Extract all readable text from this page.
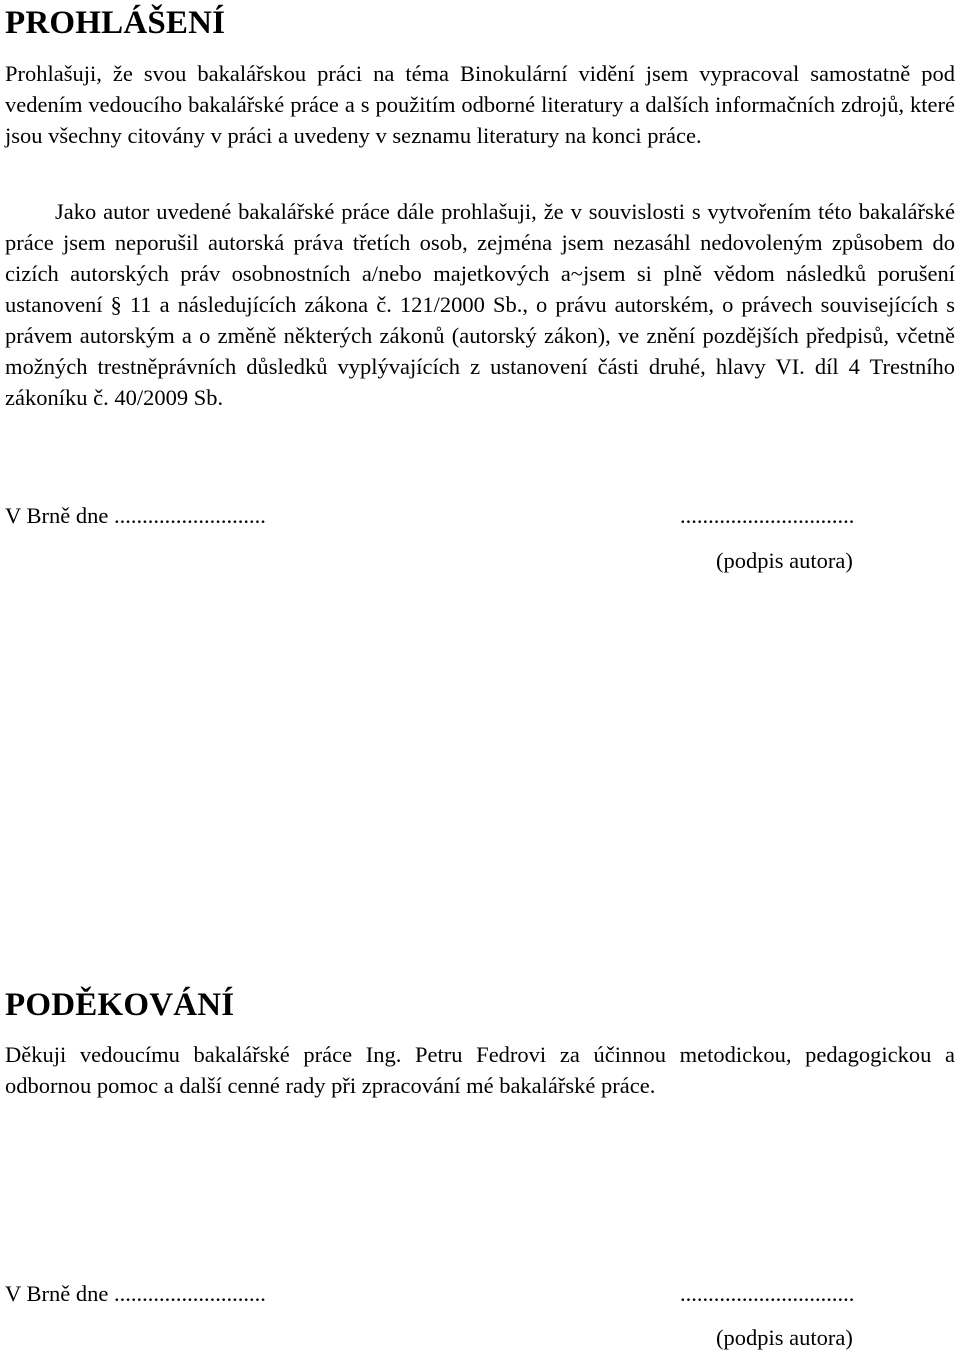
PROHLÁŠENÍ

Prohlašuji, že svou bakalářskou práci na téma Binokulární vidění jsem vypracoval samostatně pod vedením vedoucího bakalářské práce a s použitím odborné literatury a dalších informačních zdrojů, které jsou všechny citovány v práci a uvedeny v seznamu literatury na konci práce.

Jako autor uvedené bakalářské práce dále prohlašuji, že v souvislosti s vytvořením této bakalářské práce jsem neporušil autorská práva třetích osob, zejména jsem nezasáhl nedovoleným způsobem do cizích autorských práv osobnostních a/nebo majetkových a~jsem si plně vědom následků porušení ustanovení § 11 a následujících zákona č. 121/2000 Sb., o právu autorském, o právech souvisejících s právem autorským a o změně některých zákonů (autorský zákon), ve znění pozdějších předpisů, včetně možných trestněprávních důsledků vyplývajících z ustanovení části druhé, hlavy VI. díl 4 Trestního zákoníku č. 40/2009 Sb.

V Brně dne ...........................	...............................
(podpis autora)
PODĚKOVÁNÍ

Děkuji vedoucímu bakalářské práce Ing. Petru Fedrovi za účinnou metodickou, pedagogickou a odbornou pomoc a další cenné rady při zpracování mé bakalářské práce.

V Brně dne ...........................	...............................
(podpis autora)
